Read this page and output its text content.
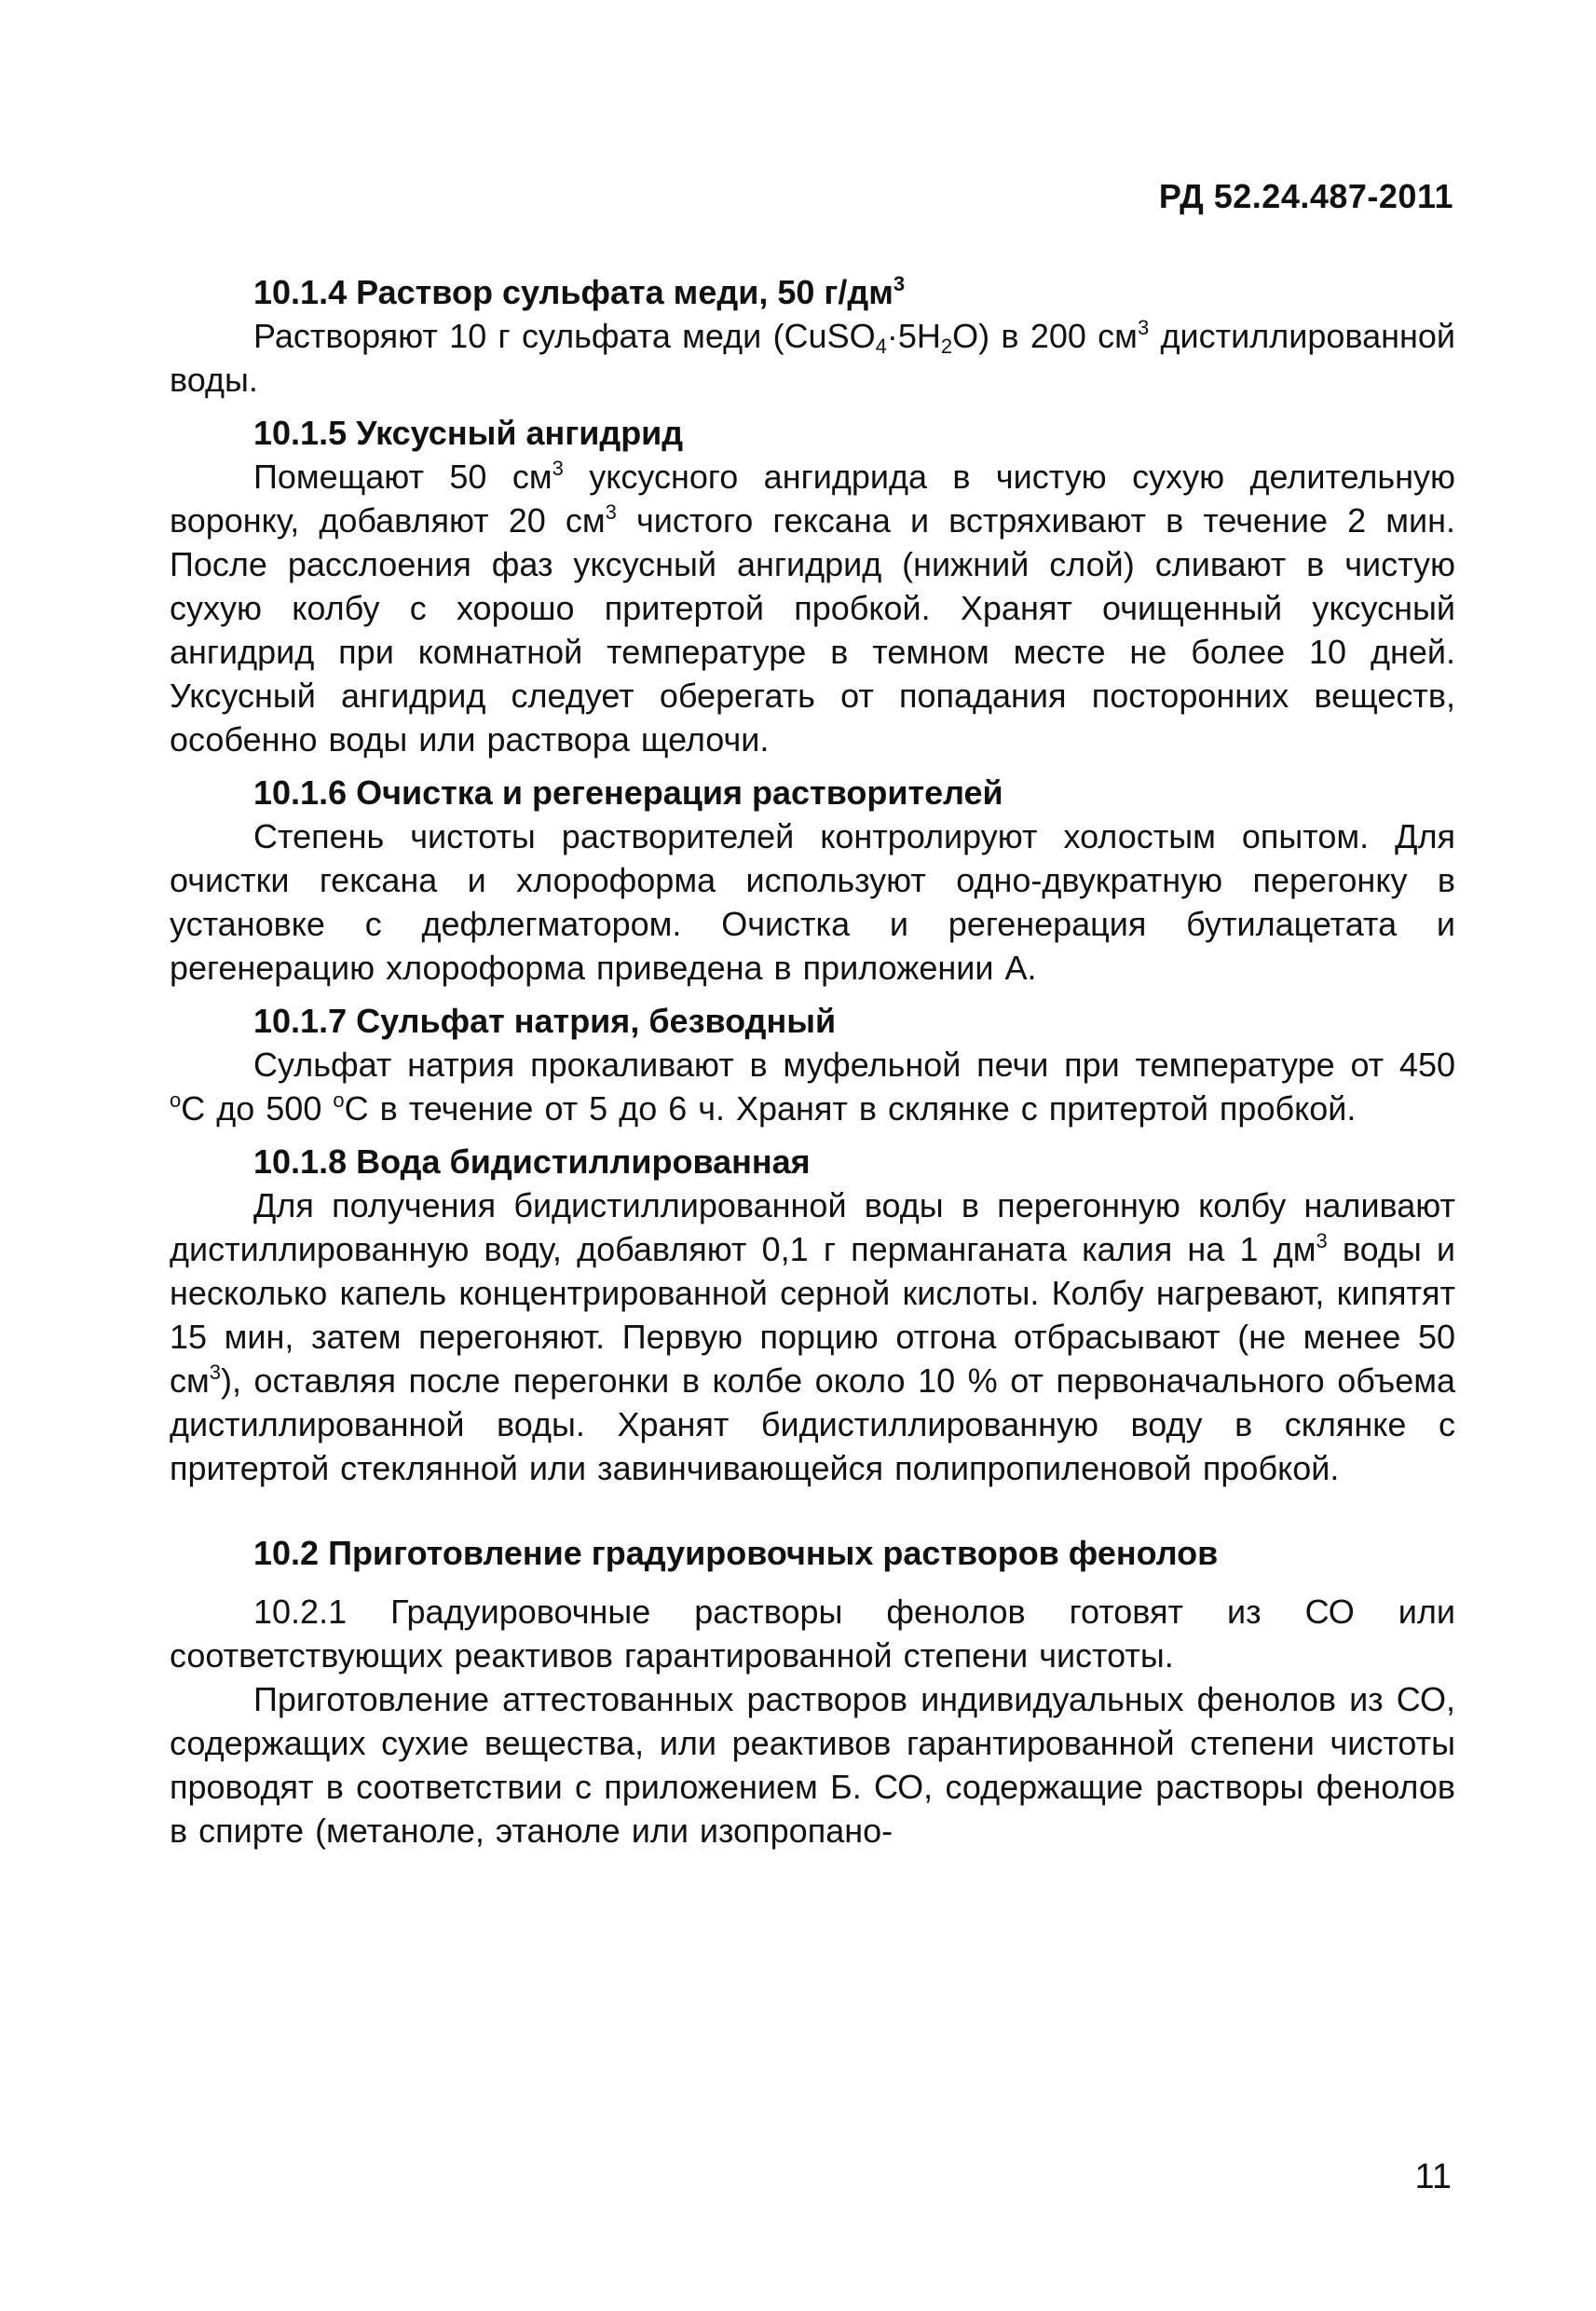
РД 52.24.487-2011

10.1.4 Раствор сульфата меди, 50 $г/дм^3$

Растворяют 10 г сульфата меди $(CuSO_4\cdot 5H_2O)$ в 200 $см^3$ дистиллированной воды.

10.1.5 Уксусный ангидрид

Помещают 50 $см^3$ уксусного ангидрида в чистую сухую делительную воронку, добавляют 20 $см^3$ чистого гексана и встряхивают в течение 2 мин. После расслоения фаз уксусный ангидрид (нижний слой) сливают в чистую сухую колбу с хорошо притертой пробкой. Хранят очищенный уксусный ангидрид при комнатной температуре в темном месте не более 10 дней. Уксусный ангидрид следует оберегать от попадания посторонних веществ, особенно воды или раствора щелочи.

10.1.6 Очистка и регенерация растворителей

Степень чистоты растворителей контролируют холостым опытом. Для очистки гексана и хлороформа используют одно-двукратную перегонку в установке с дефлегматором. Очистка и регенерация бутилацетата и регенерацию хлороформа приведена в приложении А.

10.1.7 Сульфат натрия, безводный

Сульфат натрия прокаливают в муфельной печи при температуре от 450 $^о$С до 500 $^о$С в течение от 5 до 6 ч. Хранят в склянке с притертой пробкой.

10.1.8 Вода бидистиллированная

Для получения бидистиллированной воды в перегонную колбу наливают дистиллированную воду, добавляют 0,1 г перманганата калия на 1 $дм^3$ воды и несколько капель концентрированной серной кислоты. Колбу нагревают, кипятят 15 мин, затем перегоняют. Первую порцию отгона отбрасывают (не менее 50 $см^3$), оставляя после перегонки в колбе около 10 % от первоначального объема дистиллированной воды. Хранят бидистиллированную воду в склянке с притертой стеклянной или завинчивающейся полипропиленовой пробкой.

10.2 Приготовление градуировочных растворов фенолов

10.2.1 Градуировочные растворы фенолов готовят из СО или соответствующих реактивов гарантированной степени чистоты.

Приготовление аттестованных растворов индивидуальных фенолов из СО, содержащих сухие вещества, или реактивов гарантированной степени чистоты проводят в соответствии с приложением Б. СО, содержащие растворы фенолов в спирте (метаноле, этаноле или изопропано-

11
